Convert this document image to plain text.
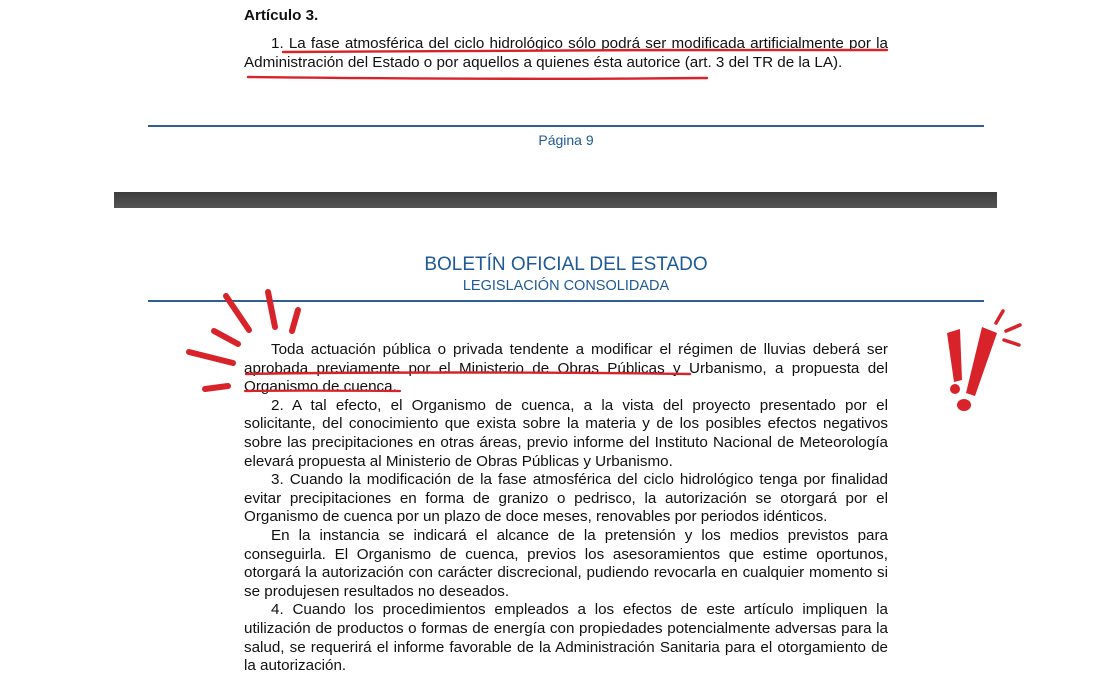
Artículo 3.

1. La fase atmosférica del ciclo hidrológico sólo podrá ser modificada artificialmente por la Administración del Estado o por aquellos a quienes ésta autorice (art. 3 del TR de la LA).

Página 9
BOLETÍN OFICIAL DEL ESTADO
LEGISLACIÓN CONSOLIDADA

Toda actuación pública o privada tendente a modificar el régimen de lluvias deberá ser aprobada previamente por el Ministerio de Obras Públicas y Urbanismo, a propuesta del Organismo de cuenca.

2. A tal efecto, el Organismo de cuenca, a la vista del proyecto presentado por el solicitante, del conocimiento que exista sobre la materia y de los posibles efectos negativos sobre las precipitaciones en otras áreas, previo informe del Instituto Nacional de Meteorología elevará propuesta al Ministerio de Obras Públicas y Urbanismo.

3. Cuando la modificación de la fase atmosférica del ciclo hidrológico tenga por finalidad evitar precipitaciones en forma de granizo o pedrisco, la autorización se otorgará por el Organismo de cuenca por un plazo de doce meses, renovables por periodos idénticos.

En la instancia se indicará el alcance de la pretensión y los medios previstos para conseguirla. El Organismo de cuenca, previos los asesoramientos que estime oportunos, otorgará la autorización con carácter discrecional, pudiendo revocarla en cualquier momento si se produjesen resultados no deseados.

4. Cuando los procedimientos empleados a los efectos de este artículo impliquen la utilización de productos o formas de energía con propiedades potencialmente adversas para la salud, se requerirá el informe favorable de la Administración Sanitaria para el otorgamiento de la autorización.
